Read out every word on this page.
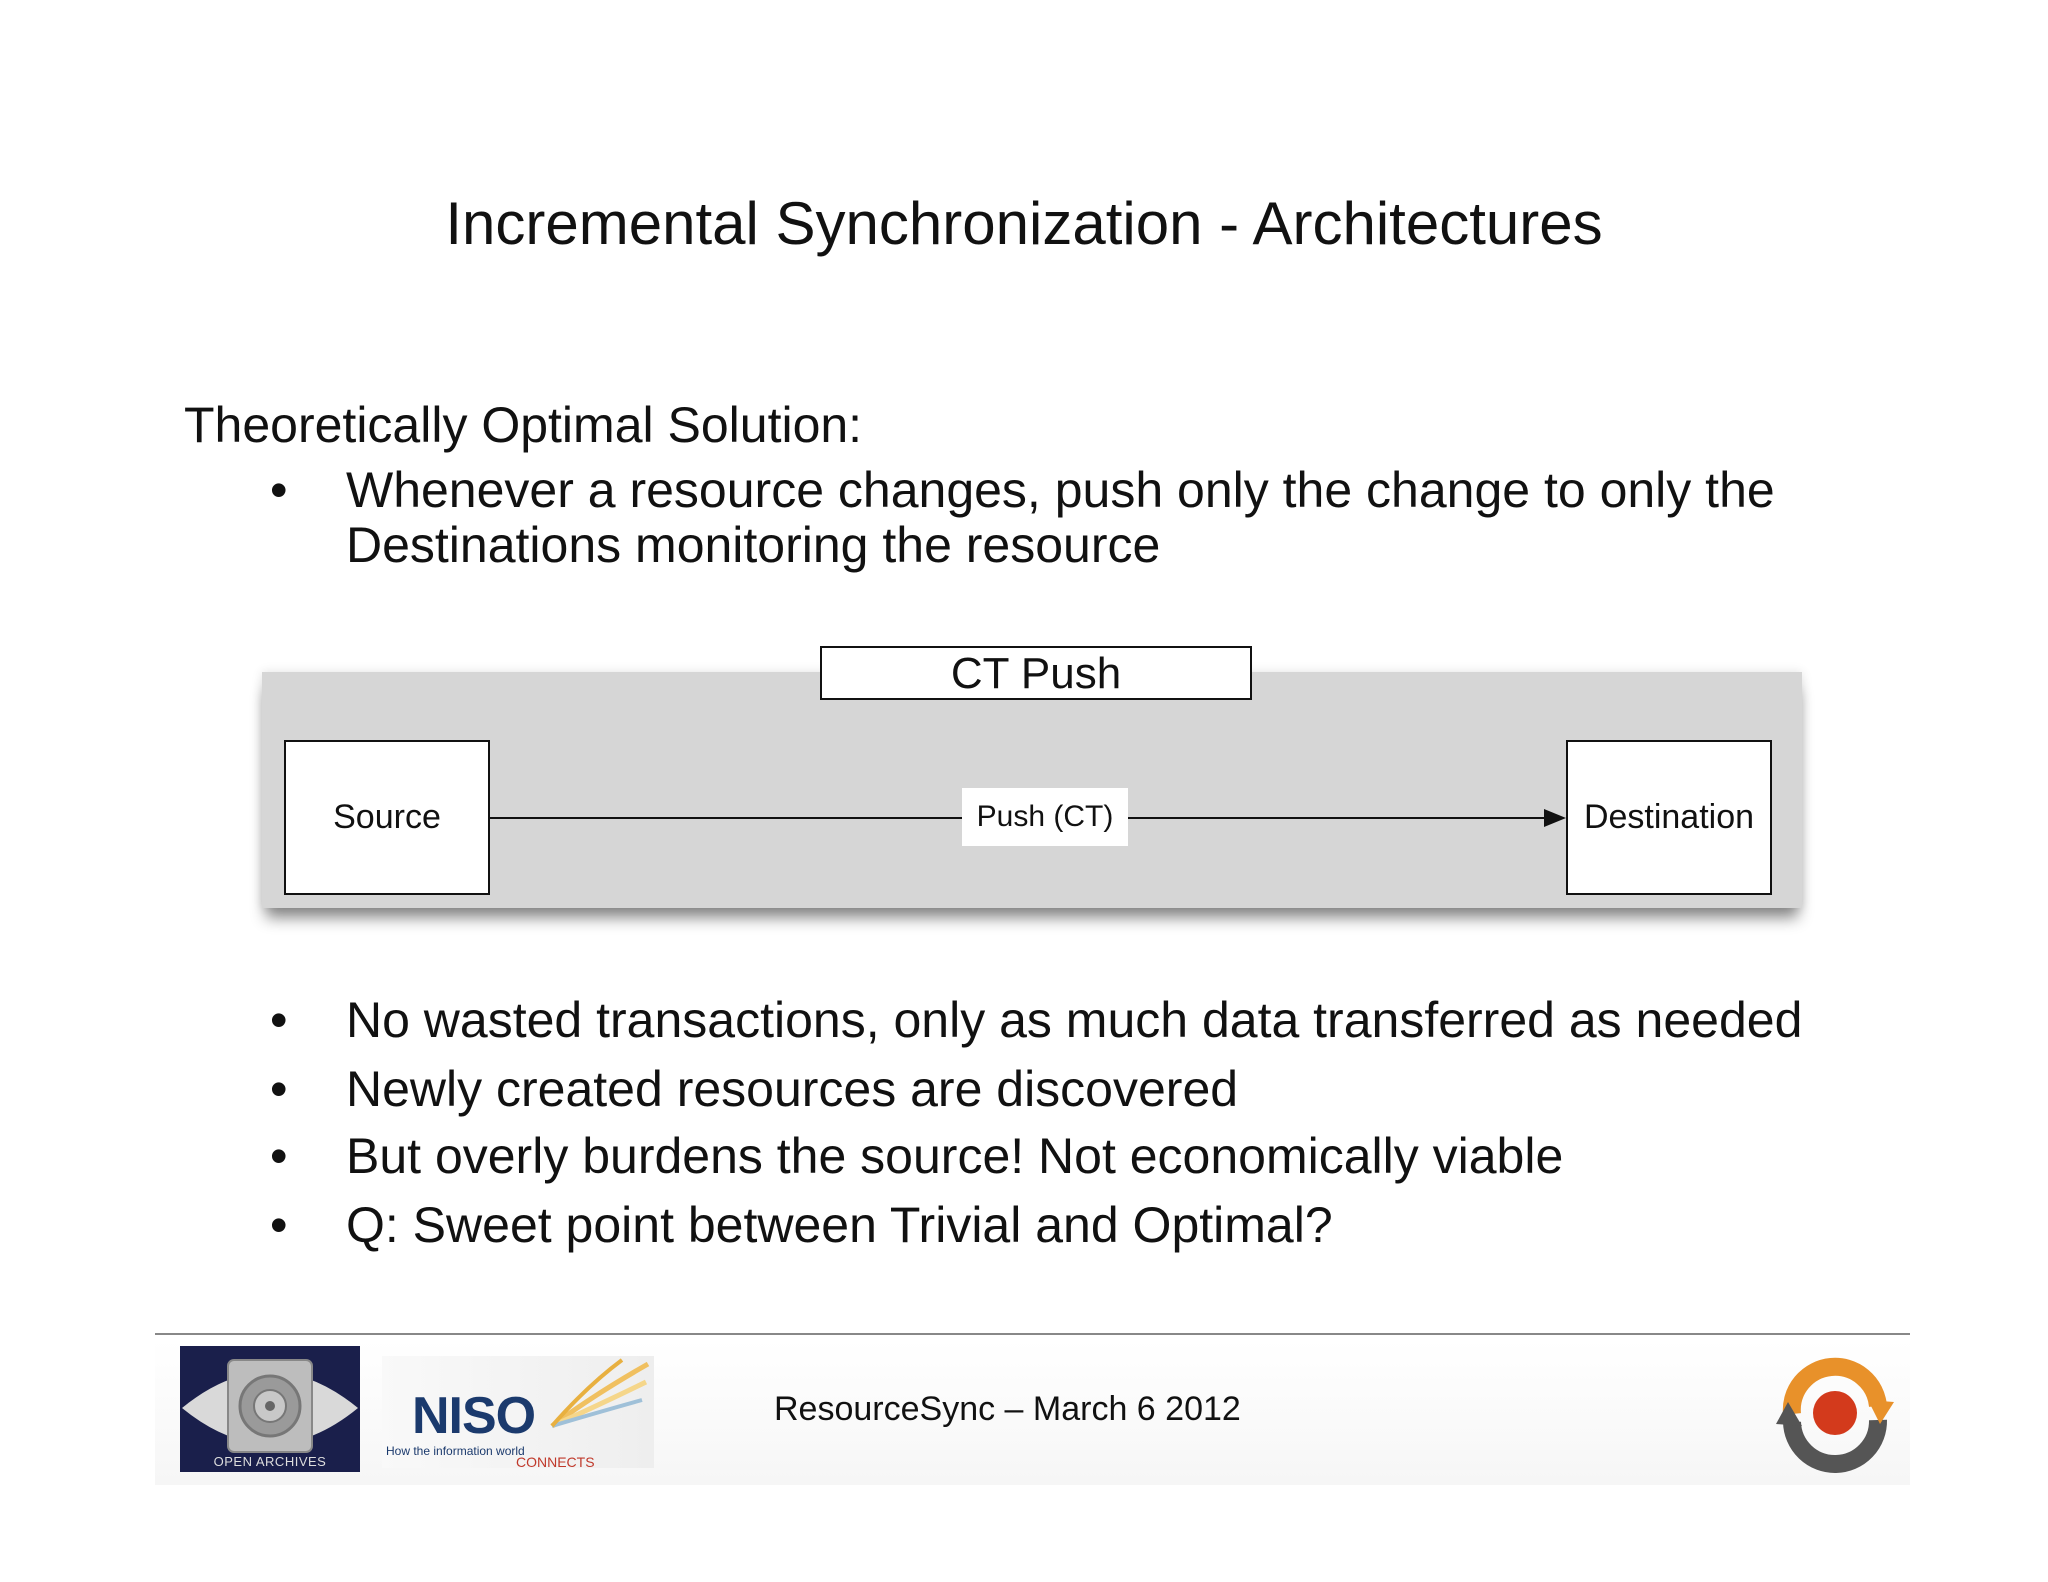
Incremental Synchronization - Architectures
Theoretically Optimal Solution:
•	Whenever a resource changes, push only the change to only the
Destinations monitoring the resource
CT Push
Source	Destination
Push (CT)
•	No wasted transactions, only as much data transferred as needed
•	Newly created resources are discovered
•	But overly burdens the source! Not economically viable
•	Q: Sweet point between Trivial and Optimal?
OPEN ARCHIVES
NISO
How the information world
CONNECTS
ResourceSync – March 6 2012
